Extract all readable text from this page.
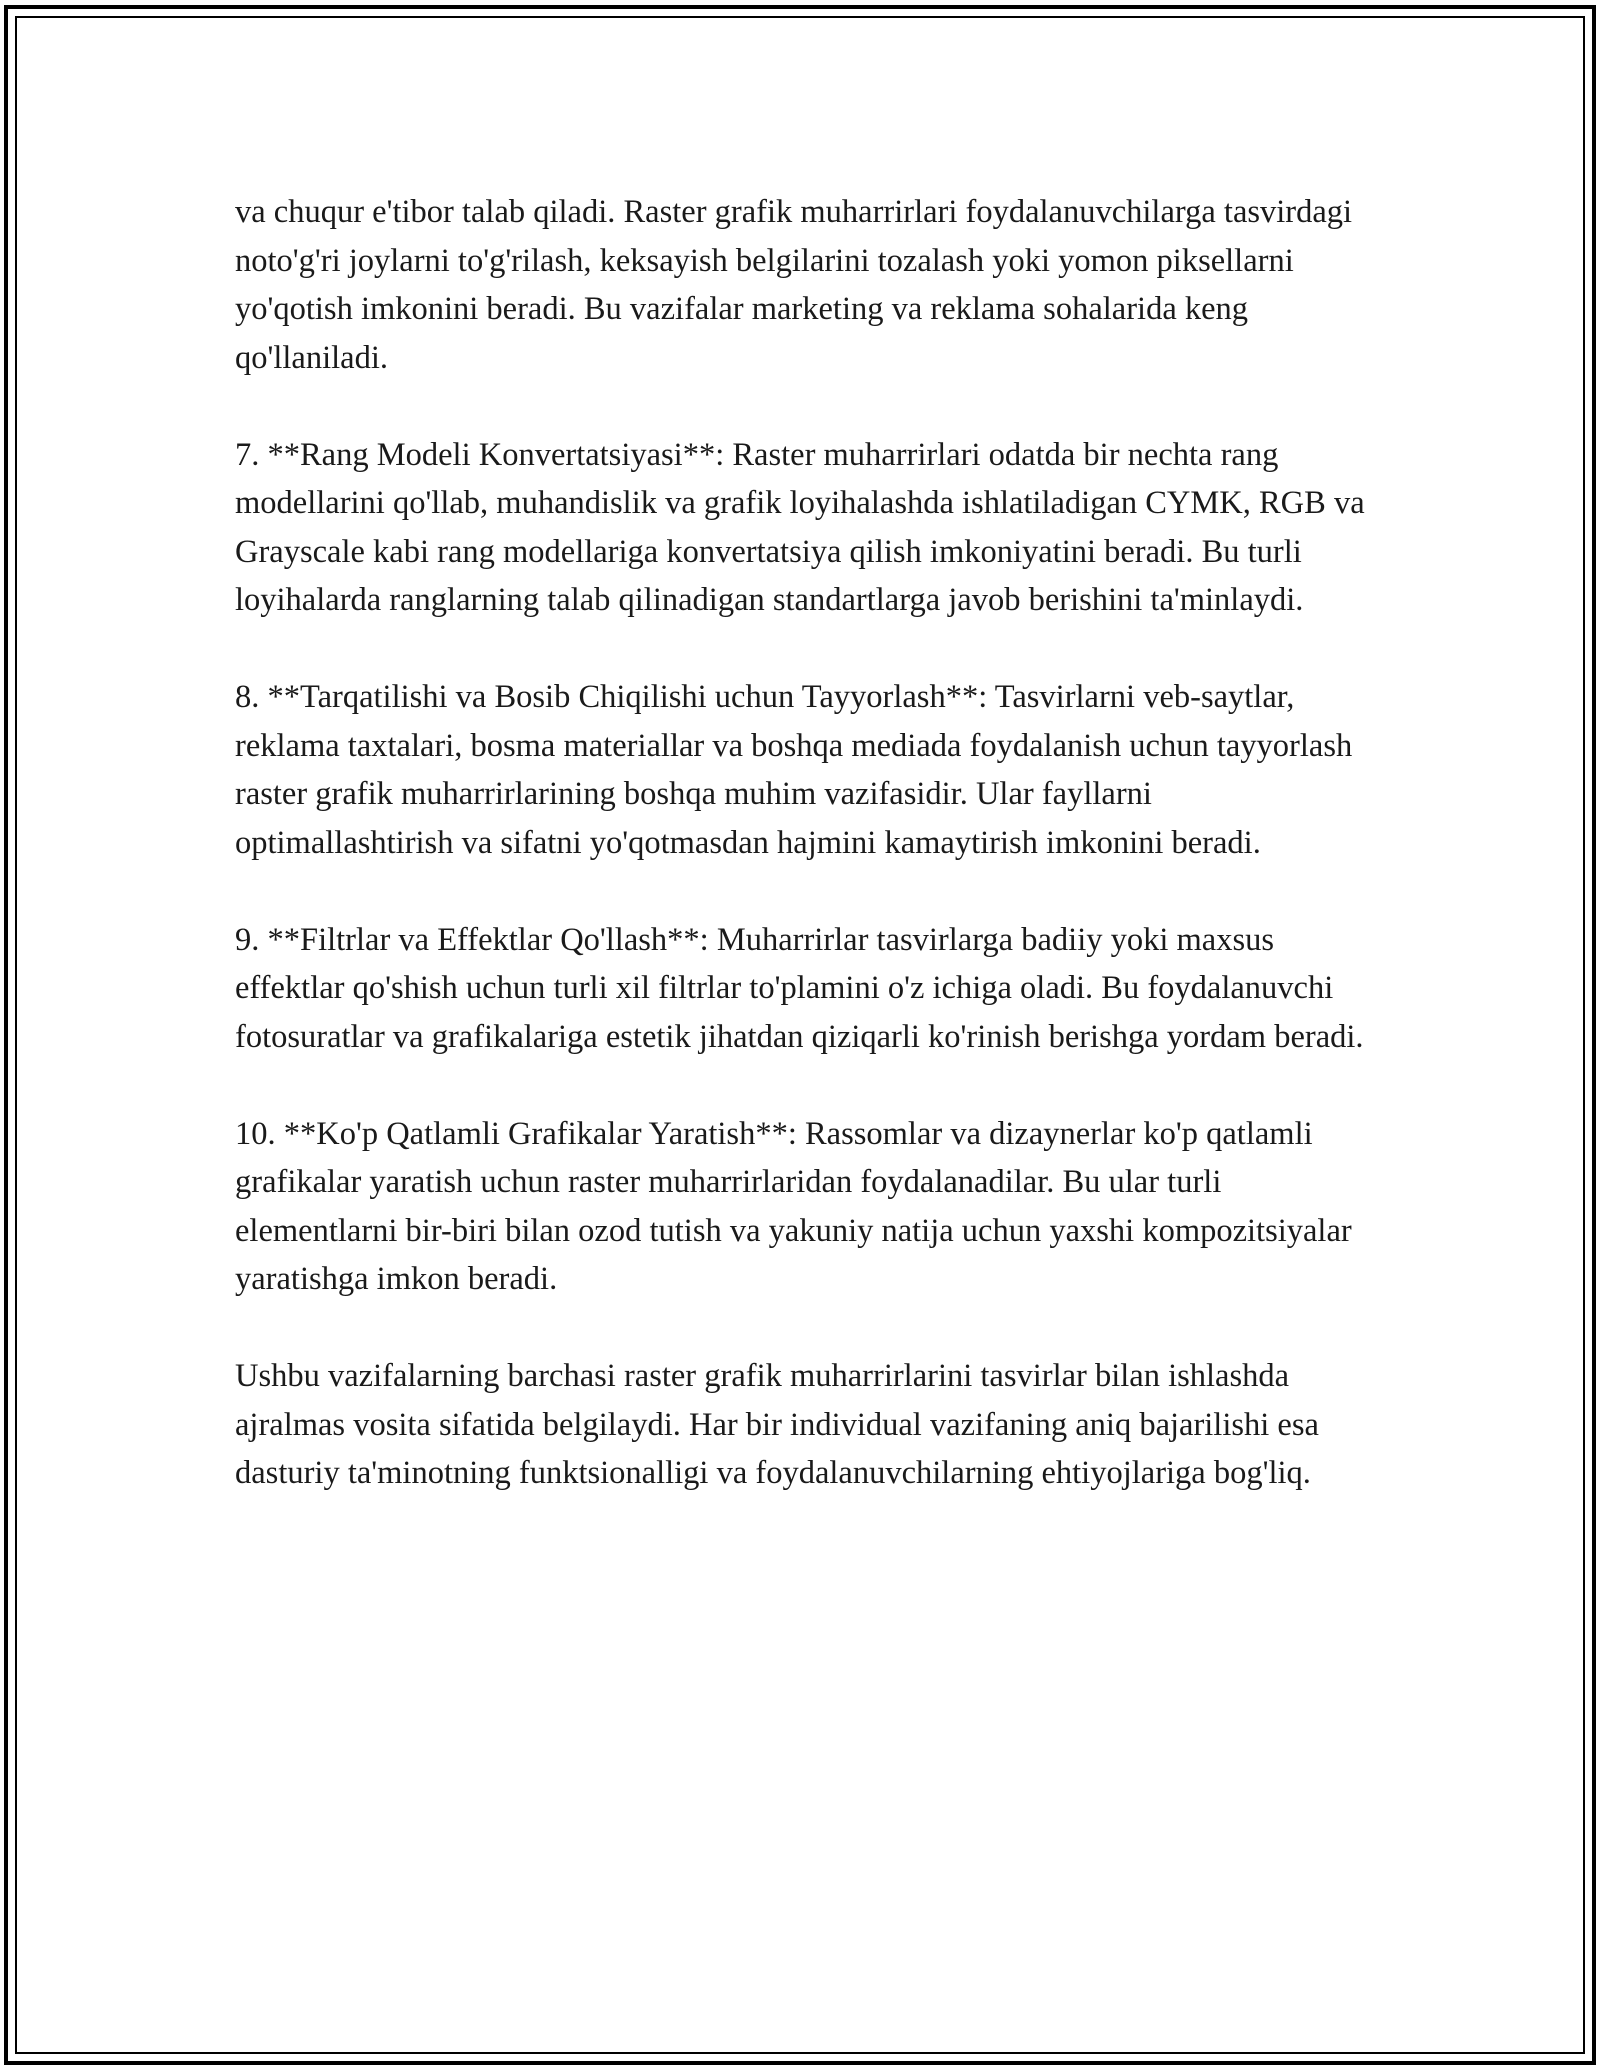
va chuqur e'tibor talab qiladi. Raster grafik muharrirlari foydalanuvchilarga tasvirdagi noto'g'ri joylarni to'g'rilash, keksayish belgilarini tozalash yoki yomon piksellarni yo'qotish imkonini beradi. Bu vazifalar marketing va reklama sohalarida keng qo'llaniladi.

7. **Rang Modeli Konvertatsiyasi**: Raster muharrirlari odatda bir nechta rang modellarini qo'llab, muhandislik va grafik loyihalashda ishlatiladigan CYMK, RGB va Grayscale kabi rang modellariga konvertatsiya qilish imkoniyatini beradi. Bu turli loyihalarda ranglarning talab qilinadigan standartlarga javob berishini ta'minlaydi.

8. **Tarqatilishi va Bosib Chiqilishi uchun Tayyorlash**: Tasvirlarni veb-saytlar, reklama taxtalari, bosma materiallar va boshqa mediada foydalanish uchun tayyorlash raster grafik muharrirlarining boshqa muhim vazifasidir. Ular fayllarni optimallashtirish va sifatni yo'qotmasdan hajmini kamaytirish imkonini beradi.

9. **Filtrlar va Effektlar Qo'llash**: Muharrirlar tasvirlarga badiiy yoki maxsus effektlar qo'shish uchun turli xil filtrlar to'plamini o'z ichiga oladi. Bu foydalanuvchi fotosuratlar va grafikalariga estetik jihatdan qiziqarli ko'rinish berishga yordam beradi.

10. **Ko'p Qatlamli Grafikalar Yaratish**: Rassomlar va dizaynerlar ko'p qatlamli grafikalar yaratish uchun raster muharrirlaridan foydalanadilar. Bu ular turli elementlarni bir-biri bilan ozod tutish va yakuniy natija uchun yaxshi kompozitsiyalar yaratishga imkon beradi.

Ushbu vazifalarning barchasi raster grafik muharrirlarini tasvirlar bilan ishlashda ajralmas vosita sifatida belgilaydi. Har bir individual vazifaning aniq bajarilishi esa dasturiy ta'minotning funktsionalligi va foydalanuvchilarning ehtiyojlariga bog'liq.
